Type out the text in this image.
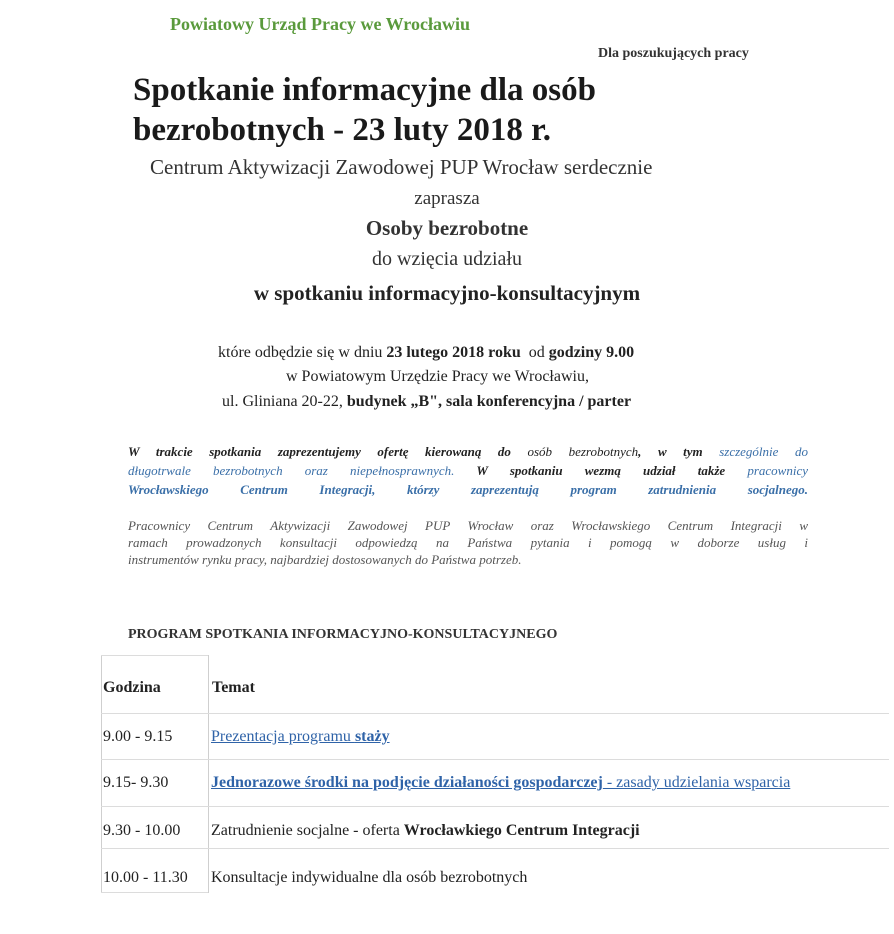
Powiatowy Urząd Pracy we Wrocławiu
Dla poszukujących pracy
Spotkanie informacyjne dla osób
bezrobotnych - 23 luty 2018 r.
Centrum Aktywizacji Zawodowej PUP Wrocław serdecznie
zaprasza
Osoby bezrobotne
do wzięcia udziału
w spotkaniu informacyjno-konsultacyjnym
które odbędzie się w dniu 23 lutego 2018 roku  od godziny 9.00
w Powiatowym Urzędzie Pracy we Wrocławiu,
ul. Gliniana 20-22, budynek „B", sala konferencyjna / parter
W trakcie spotkania zaprezentujemy ofertę kierowaną do osób bezrobotnych, w tym szczególnie do
długotrwale bezrobotnych oraz niepełnosprawnych. W spotkaniu wezmą udział także pracownicy
Wrocławskiego Centrum Integracji, którzy zaprezentują program zatrudnienia socjalnego.
Pracownicy Centrum Aktywizacji Zawodowej PUP Wrocław oraz Wrocławskiego Centrum Integracji w
ramach prowadzonych konsultacji odpowiedzą na Państwa pytania i pomogą w doborze usług i
instrumentów rynku pracy, najbardziej dostosowanych do Państwa potrzeb.
PROGRAM SPOTKANIA INFORMACYJNO-KONSULTACYJNEGO
Godzina	Temat
9.00 - 9.15 Prezentacja programu staży
9.15- 9.30	Jednorazowe środki na podjęcie działaności gospodarczej - zasady udzielania wsparcia
9.30 - 10.00 Zatrudnienie socjalne - oferta Wrocławkiego Centrum Integracji
10.00 - 11.30 Konsultacje indywidualne dla osób bezrobotnych
